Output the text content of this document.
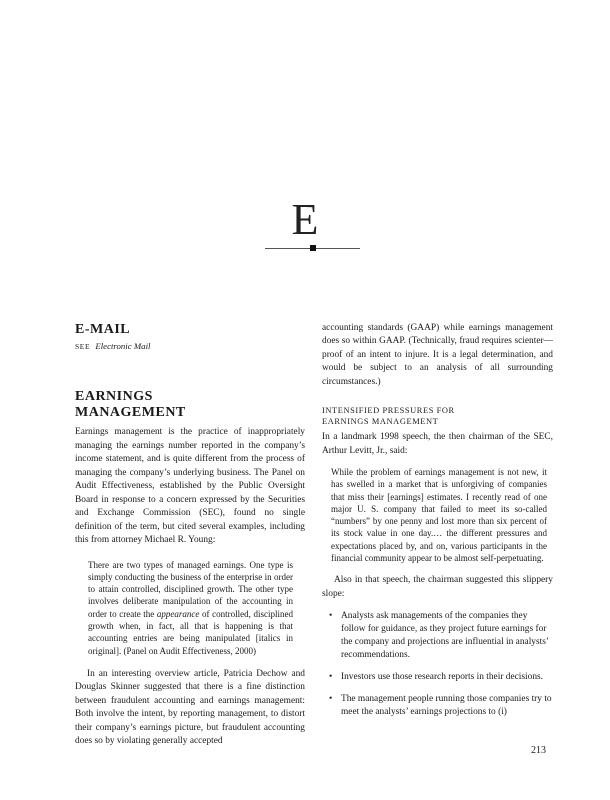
E
E-MAIL

SEE Electronic Mail

EARNINGS
MANAGEMENT

Earnings management is the practice of inappropriately managing the earnings number reported in the company’s income statement, and is quite different from the process of managing the company’s underlying business. The Panel on Audit Effectiveness, established by the Public Oversight Board in response to a concern expressed by the Securities and Exchange Commission (SEC), found no single definition of the term, but cited several examples, including this from attorney Michael R. Young:

There are two types of managed earnings. One type is simply conducting the business of the enterprise in order to attain controlled, disciplined growth. The other type involves deliberate manipulation of the accounting in order to create the appearance of controlled, disciplined growth when, in fact, all that is happening is that accounting entries are being manipulated [italics in original]. (Panel on Audit Effectiveness, 2000)

In an interesting overview article, Patricia Dechow and Douglas Skinner suggested that there is a fine distinction between fraudulent accounting and earnings management: Both involve the intent, by reporting management, to distort their company’s earnings picture, but fraudulent accounting does so by violating generally accepted

accounting standards (GAAP) while earnings management does so within GAAP. (Technically, fraud requires scienter—proof of an intent to injure. It is a legal determination, and would be subject to an analysis of all surrounding circumstances.)

INTENSIFIED PRESSURES FOR
EARNINGS MANAGEMENT

In a landmark 1998 speech, the then chairman of the SEC, Arthur Levitt, Jr., said:

While the problem of earnings management is not new, it has swelled in a market that is unforgiving of companies that miss their [earnings] estimates. I recently read of one major U. S. company that failed to meet its so-called “numbers” by one penny and lost more than six percent of its stock value in one day.… the different pressures and expectations placed by, and on, various participants in the financial community appear to be almost self-perpetuating.

Also in that speech, the chairman suggested this slippery slope:

• Analysts ask managements of the companies they follow for guidance, as they project future earnings for the company and projections are influential in analysts’ recommendations.
• Investors use those research reports in their decisions.
• The management people running those companies try to meet the analysts’ earnings projections to (i)
213
